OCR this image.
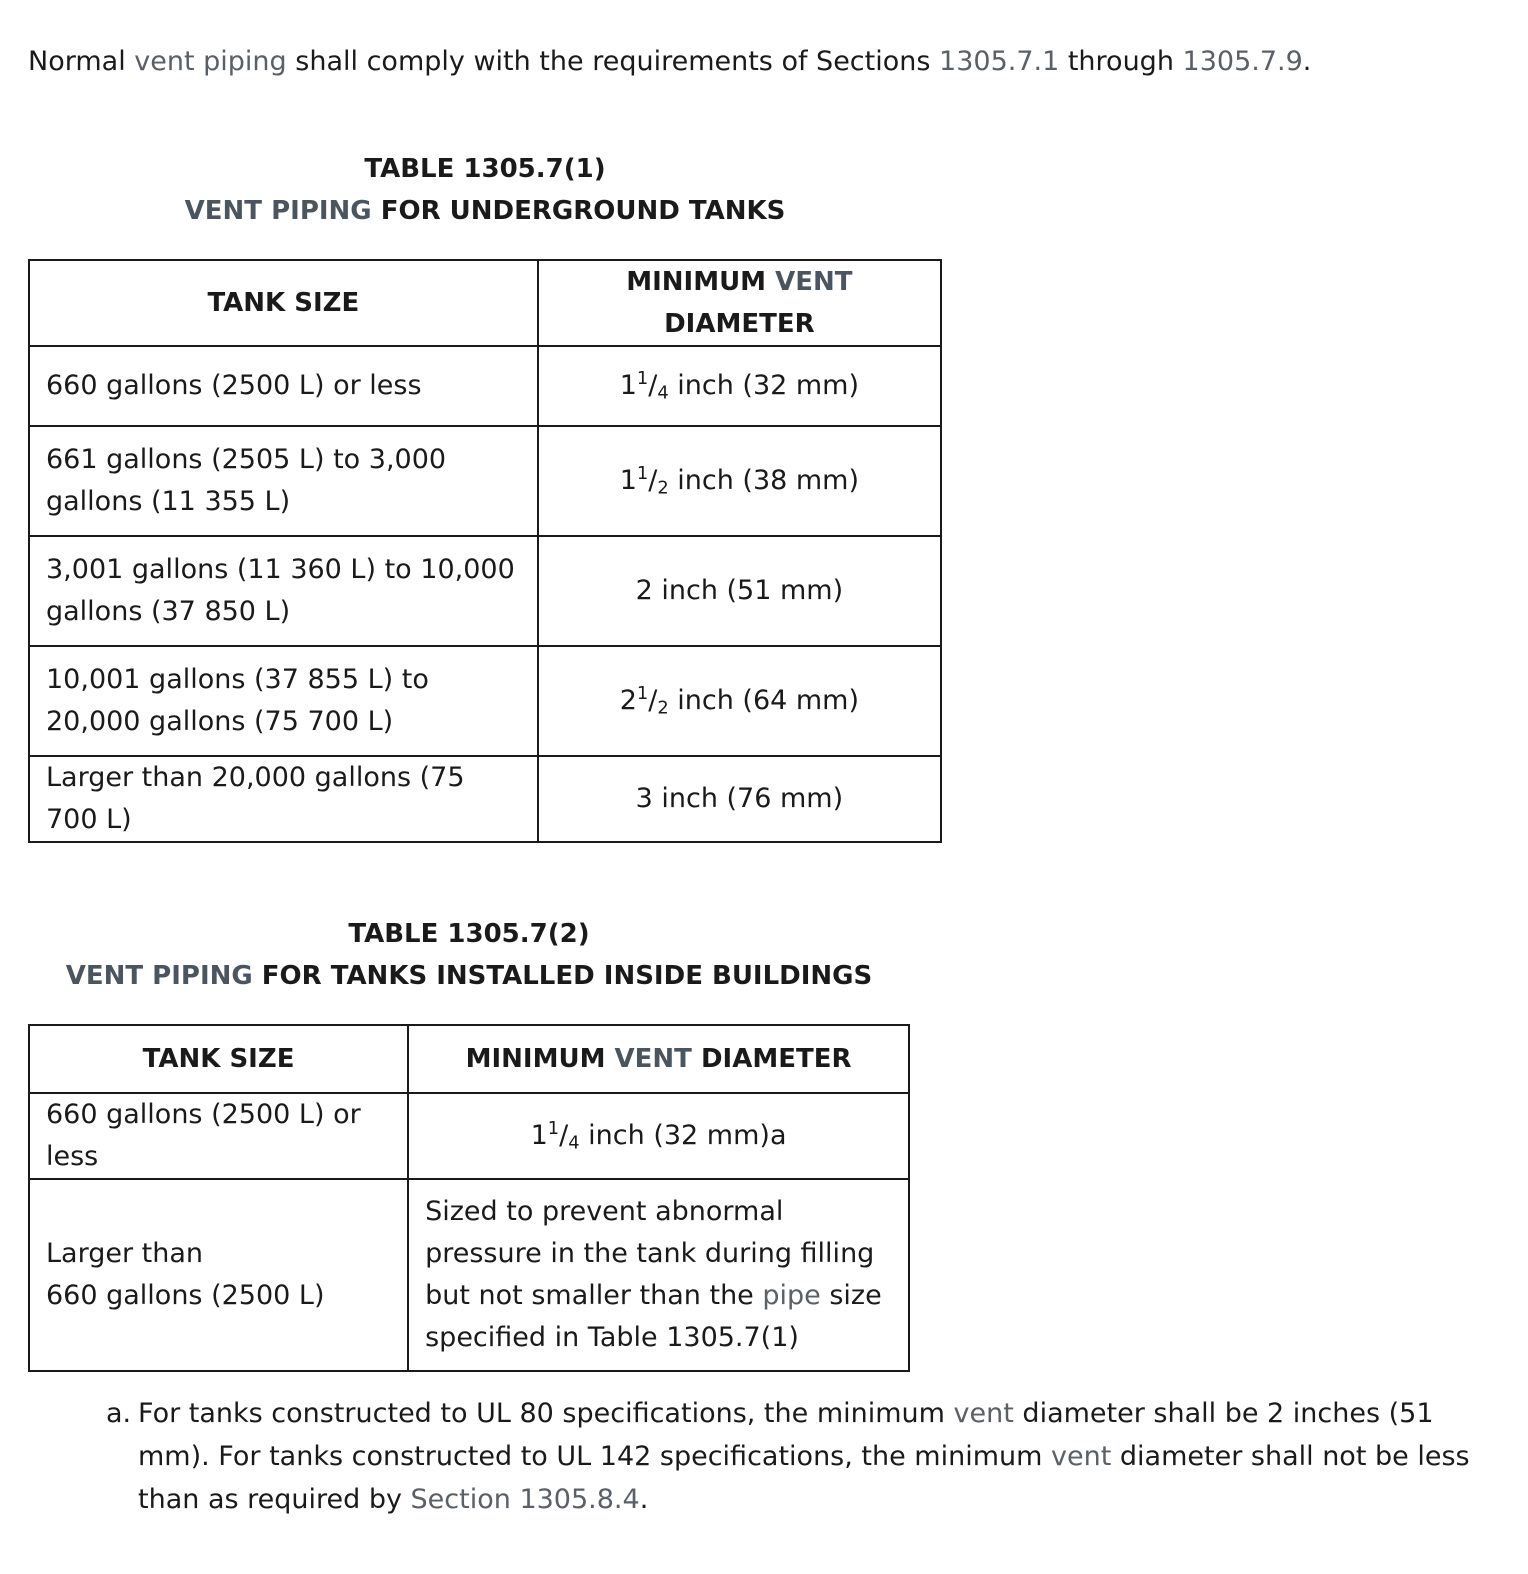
Normal vent piping shall comply with the requirements of Sections 1305.7.1 through 1305.7.9.

TABLE 1305.7(1)
VENT PIPING FOR UNDERGROUND TANKS
TANK SIZE	MINIMUM VENT DIAMETER
660 gallons (2500 L) or less	$1^1/_4$ inch (32 mm)
661 gallons (2505 L) to 3,000 gallons (11 355 L)	$1^1/_2$ inch (38 mm)
3,001 gallons (11 360 L) to 10,000 gallons (37 850 L)	2 inch (51 mm)
10,001 gallons (37 855 L) to 20,000 gallons (75 700 L)	$2^1/_2$ inch (64 mm)
Larger than 20,000 gallons (75 700 L)	3 inch (76 mm)
TABLE 1305.7(2)
VENT PIPING FOR TANKS INSTALLED INSIDE BUILDINGS
TANK SIZE	MINIMUM VENT DIAMETER
660 gallons (2500 L) or less	$1^1/_4$ inch (32 mm)a

Larger than
660 gallons (2500 L)	Sized to prevent abnormal pressure in the tank during filling but not smaller than the pipe size specified in Table 1305.7(1)

a. For tanks constructed to UL 80 specifications, the minimum vent diameter shall be 2 inches (51 mm). For tanks constructed to UL 142 specifications, the minimum vent diameter shall not be less than as required by Section 1305.8.4.
